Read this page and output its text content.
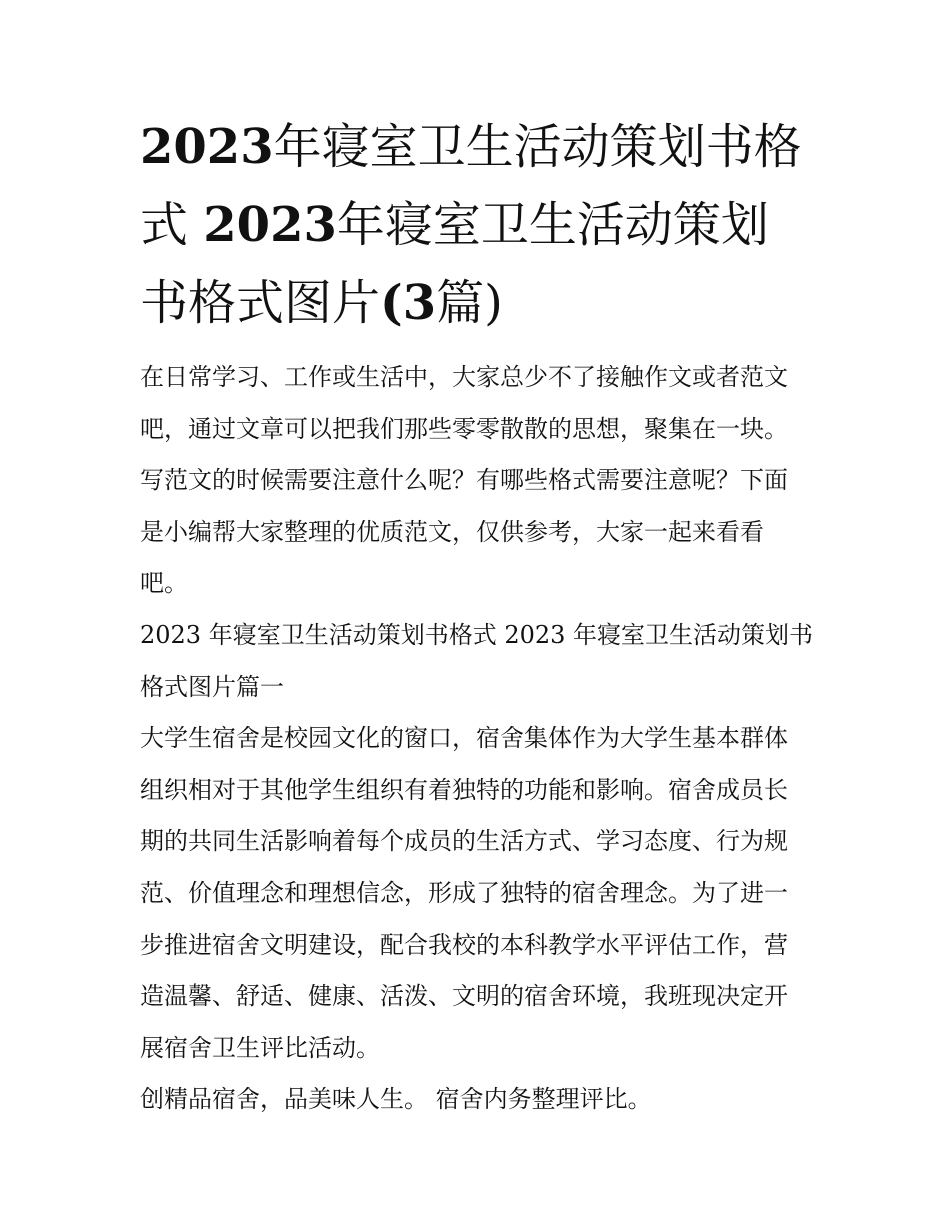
2023年寝室卫生活动策划书格
式 2023年寝室卫生活动策划
书格式图片(3篇)
在日常学习、工作或生活中，大家总少不了接触作文或者范文
吧，通过文章可以把我们那些零零散散的思想，聚集在一块。
写范文的时候需要注意什么呢？有哪些格式需要注意呢？下面
是小编帮大家整理的优质范文，仅供参考，大家一起来看看
吧。
2023 年寝室卫生活动策划书格式 2023 年寝室卫生活动策划书
格式图片篇一
大学生宿舍是校园文化的窗口，宿舍集体作为大学生基本群体
组织相对于其他学生组织有着独特的功能和影响。宿舍成员长
期的共同生活影响着每个成员的生活方式、学习态度、行为规
范、价值理念和理想信念，形成了独特的宿舍理念。为了进一
步推进宿舍文明建设，配合我校的本科教学水平评估工作，营
造温馨、舒适、健康、活泼、文明的宿舍环境，我班现决定开
展宿舍卫生评比活动。
创精品宿舍，品美味人生。 宿舍内务整理评比。
